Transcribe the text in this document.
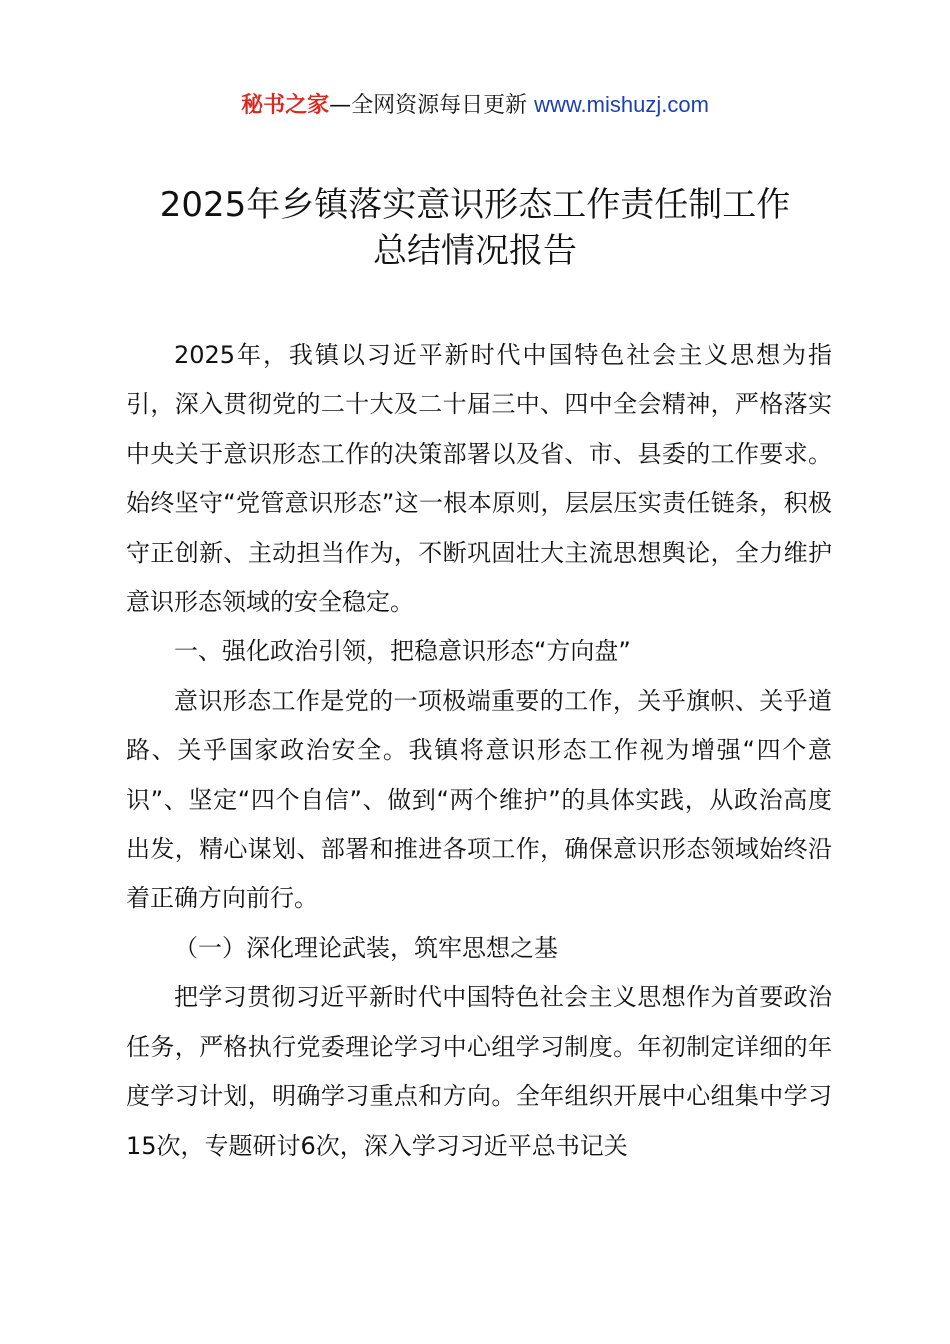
秘书之家—全网资源每日更新 www.mishuzj.com
2025年乡镇落实意识形态工作责任制工作
总结情况报告

2025年，我镇以习近平新时代中国特色社会主义思想为指引，深入贯彻党的二十大及二十届三中、四中全会精神，严格落实中央关于意识形态工作的决策部署以及省、市、县委的工作要求。始终坚守“党管意识形态”这一根本原则，层层压实责任链条，积极守正创新、主动担当作为，不断巩固壮大主流思想舆论，全力维护意识形态领域的安全稳定。

一、强化政治引领，把稳意识形态“方向盘”

意识形态工作是党的一项极端重要的工作，关乎旗帜、关乎道路、关乎国家政治安全。我镇将意识形态工作视为增强“四个意识”、坚定“四个自信”、做到“两个维护”的具体实践，从政治高度出发，精心谋划、部署和推进各项工作，确保意识形态领域始终沿着正确方向前行。

（一）深化理论武装，筑牢思想之基

把学习贯彻习近平新时代中国特色社会主义思想作为首要政治任务，严格执行党委理论学习中心组学习制度。年初制定详细的年度学习计划，明确学习重点和方向。全年组织开展中心组集中学习15次，专题研讨6次，深入学习习近平总书记关
